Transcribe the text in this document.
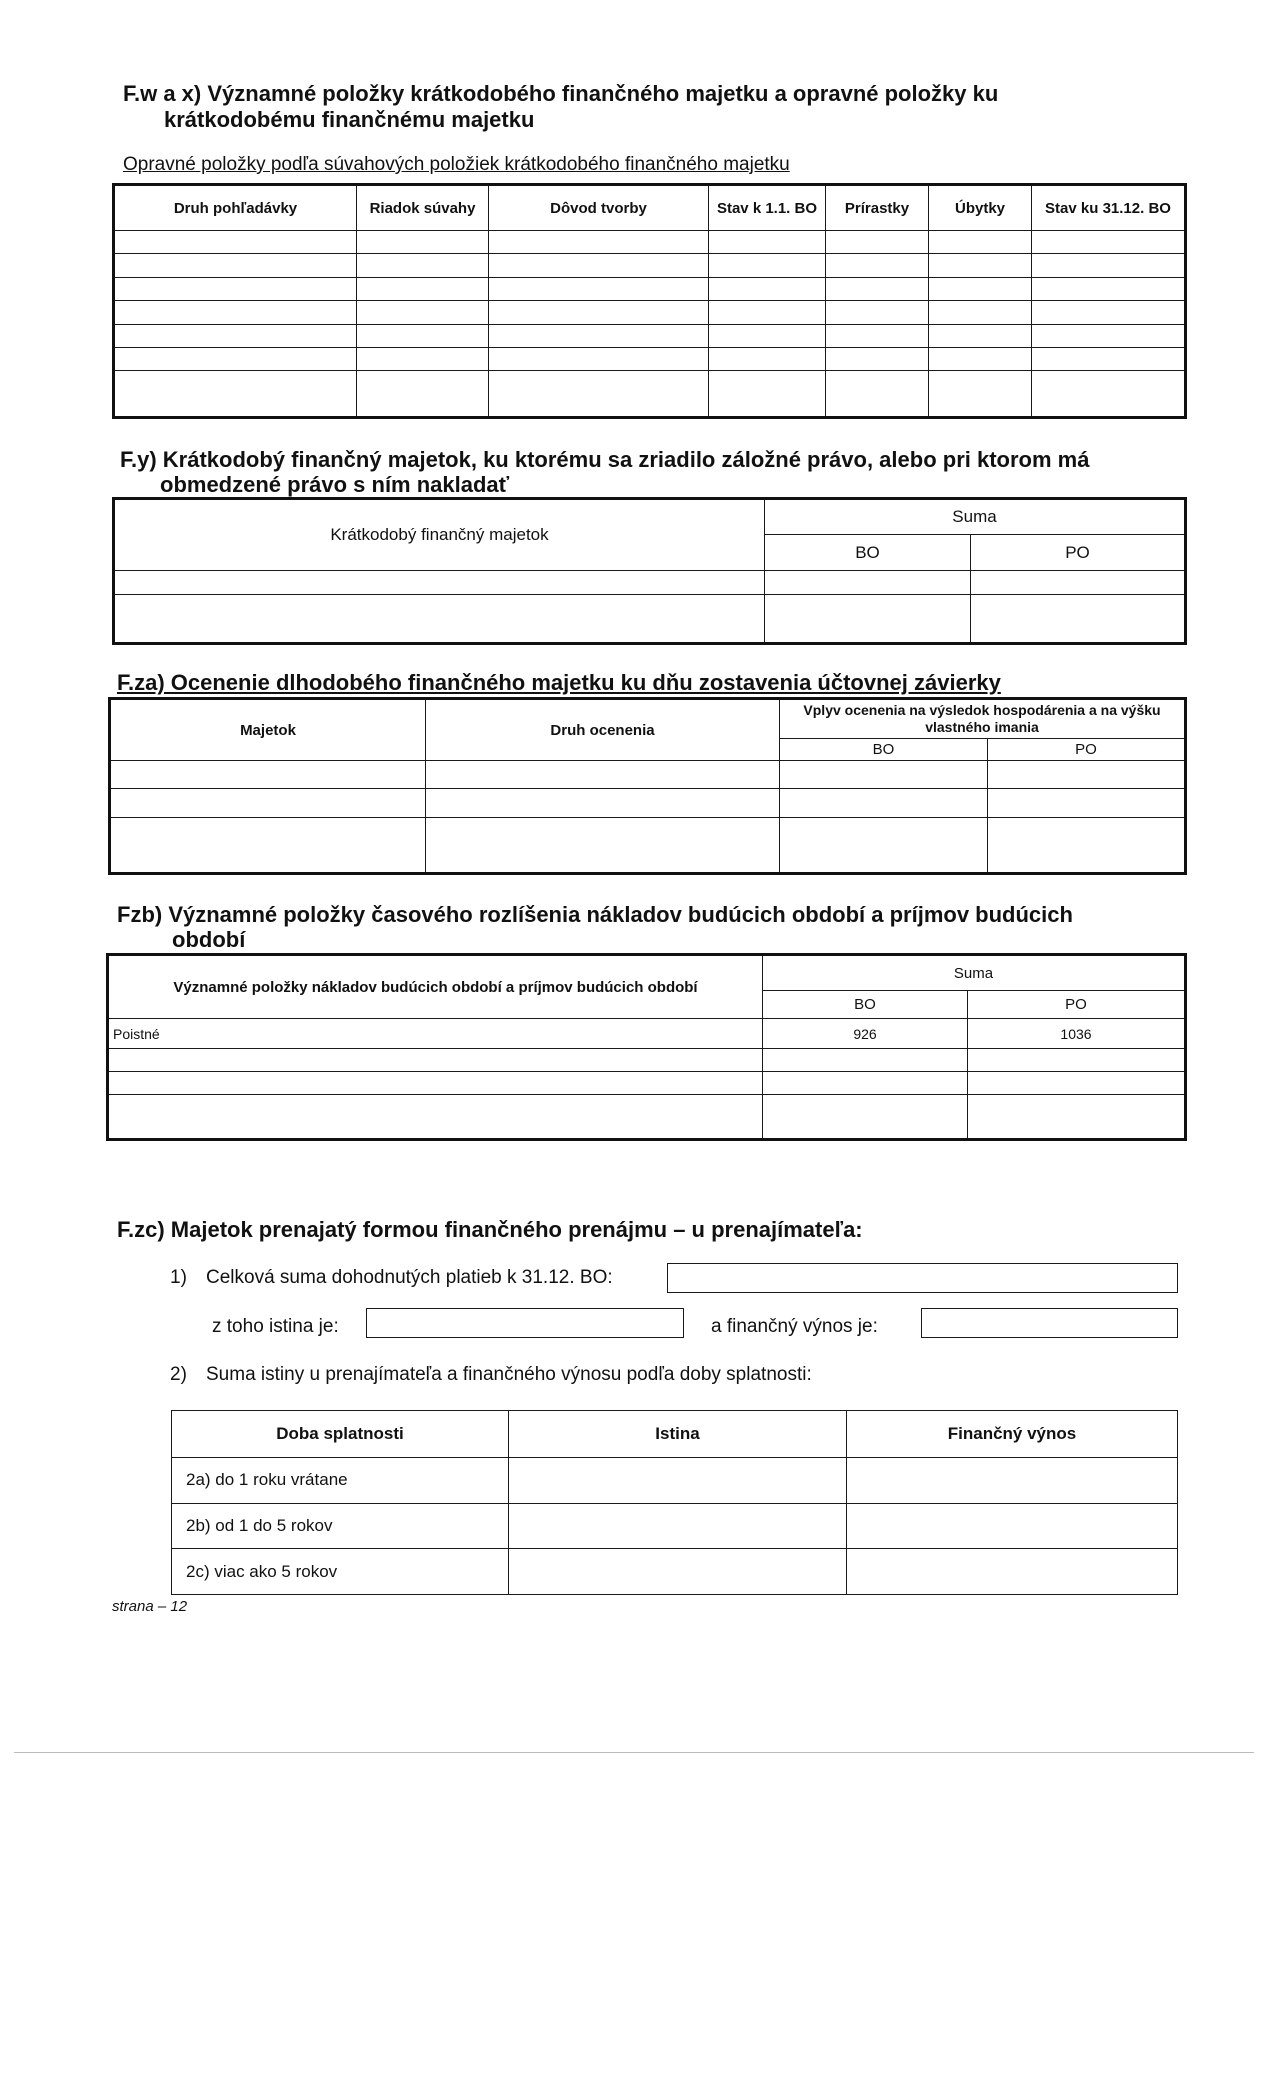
F.w a x) Významné položky krátkodobého finančného majetku a opravné položky ku
krátkodobému finančnému majetku
Opravné položky podľa súvahových položiek krátkodobého finančného majetku
Druh pohľadávky	Riadok súvahy	Dôvod tvorby	Stav k 1.1. BO	Prírastky	Úbytky	Stav ku 31.12. BO

F.y) Krátkodobý finančný majetok, ku ktorému sa zriadilo záložné právo, alebo pri ktorom má
obmedzené právo s ním nakladať
Krátkodobý finančný majetok	Suma	
	BO	PO

F.za) Ocenenie dlhodobého finančného majetku ku dňu zostavenia účtovnej závierky
Majetok	Druh ocenenia	Vplyv ocenenia na výsledok hospodárenia a na výšku vlastného imania	
		BO	PO

Fzb) Významné položky časového rozlíšenia nákladov budúcich období a príjmov budúcich
období
Významné položky nákladov budúcich období a príjmov budúcich období	Suma	
	BO	PO
Poistné	926	1036

F.zc) Majetok prenajatý formou finančného prenájmu – u prenajímateľa:
1) Celková suma dohodnutých platieb k 31.12. BO:
z toho istina je:	a finančný výnos je:
2) Suma istiny u prenajímateľa a finančného výnosu podľa doby splatnosti:
Doba splatnosti	Istina	Finančný výnos
2a) do 1 roku vrátane		
2b) od 1 do 5 rokov		
2c) viac ako 5 rokov		
strana – 12
